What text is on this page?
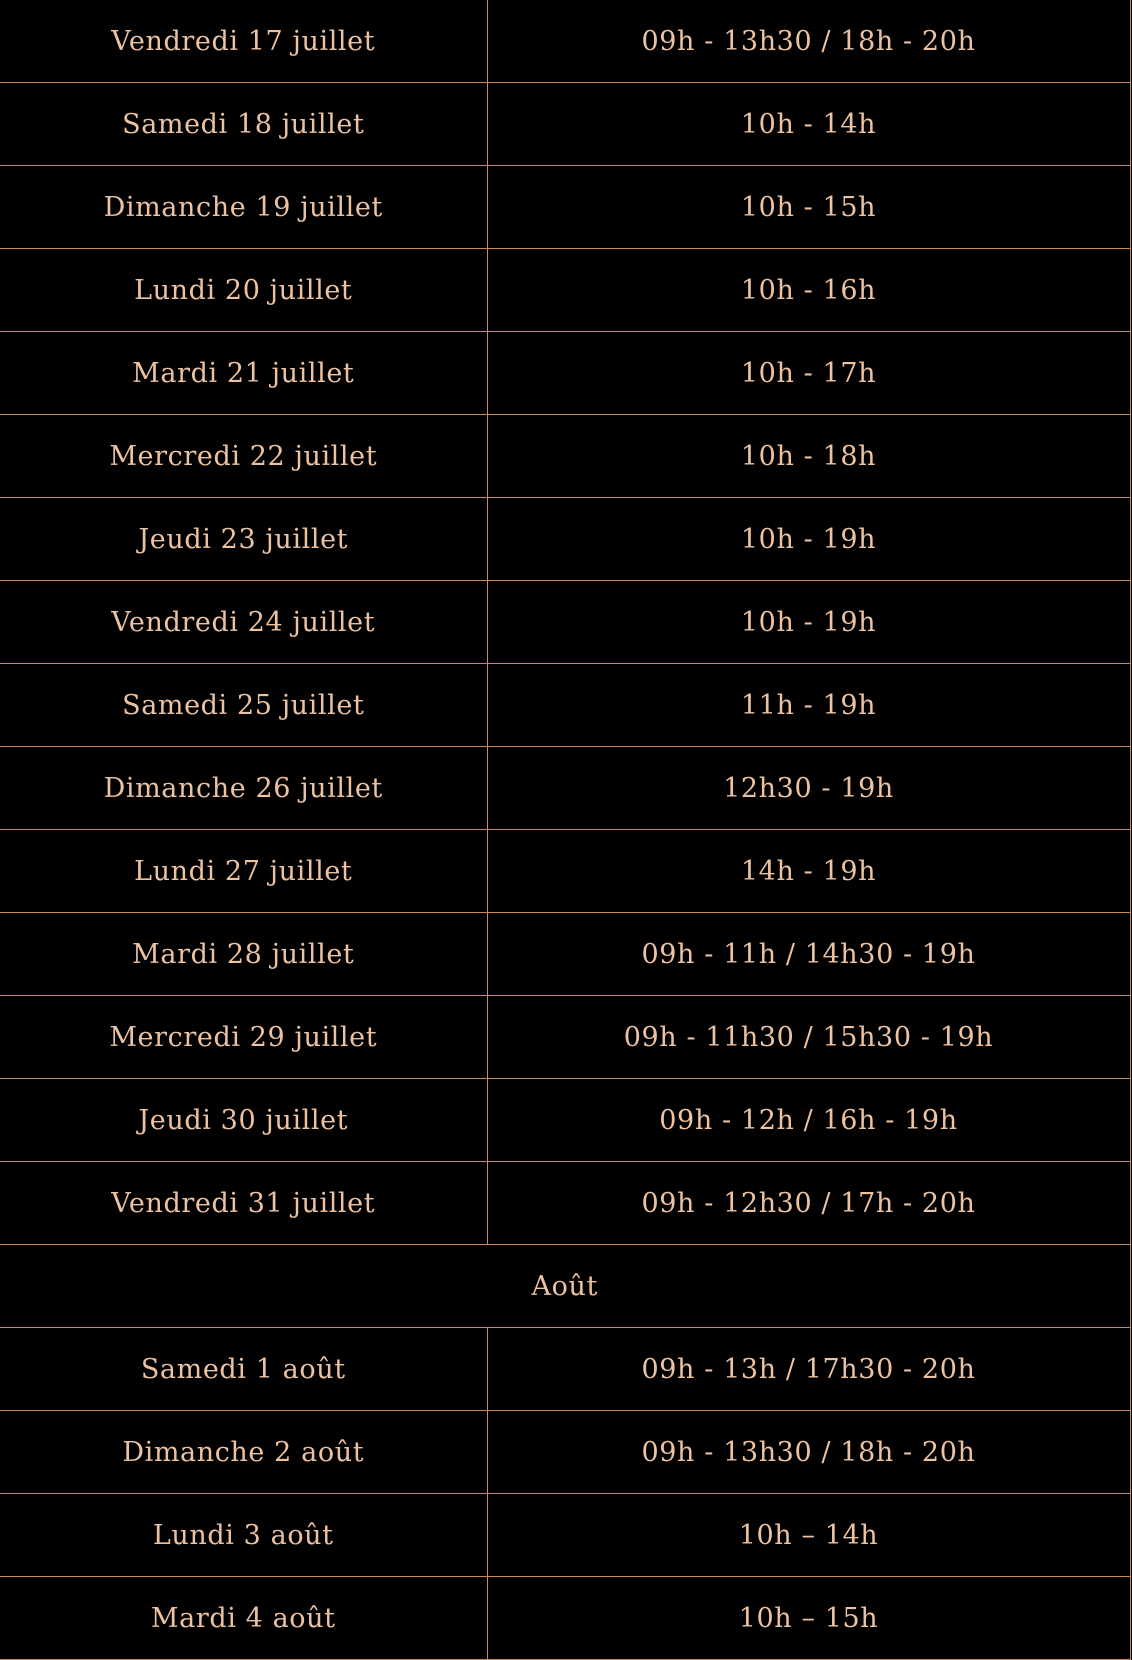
Vendredi 17 juillet	09h - 13h30 / 18h - 20h
Samedi 18 juillet	10h - 14h
Dimanche 19 juillet	10h - 15h
Lundi 20 juillet	10h - 16h
Mardi 21 juillet	10h - 17h
Mercredi 22 juillet	10h - 18h
Jeudi 23 juillet	10h - 19h
Vendredi 24 juillet	10h - 19h
Samedi 25 juillet	11h - 19h
Dimanche 26 juillet	12h30 - 19h
Lundi 27 juillet	14h - 19h
Mardi 28 juillet	09h - 11h / 14h30 - 19h
Mercredi 29 juillet	09h - 11h30 / 15h30 - 19h
Jeudi 30 juillet	09h - 12h / 16h - 19h
Vendredi 31 juillet	09h - 12h30 / 17h - 20h
Août	
Samedi 1 août	09h - 13h / 17h30 - 20h
Dimanche 2 août	09h - 13h30 / 18h - 20h
Lundi 3 août	10h – 14h
Mardi 4 août	10h – 15h
